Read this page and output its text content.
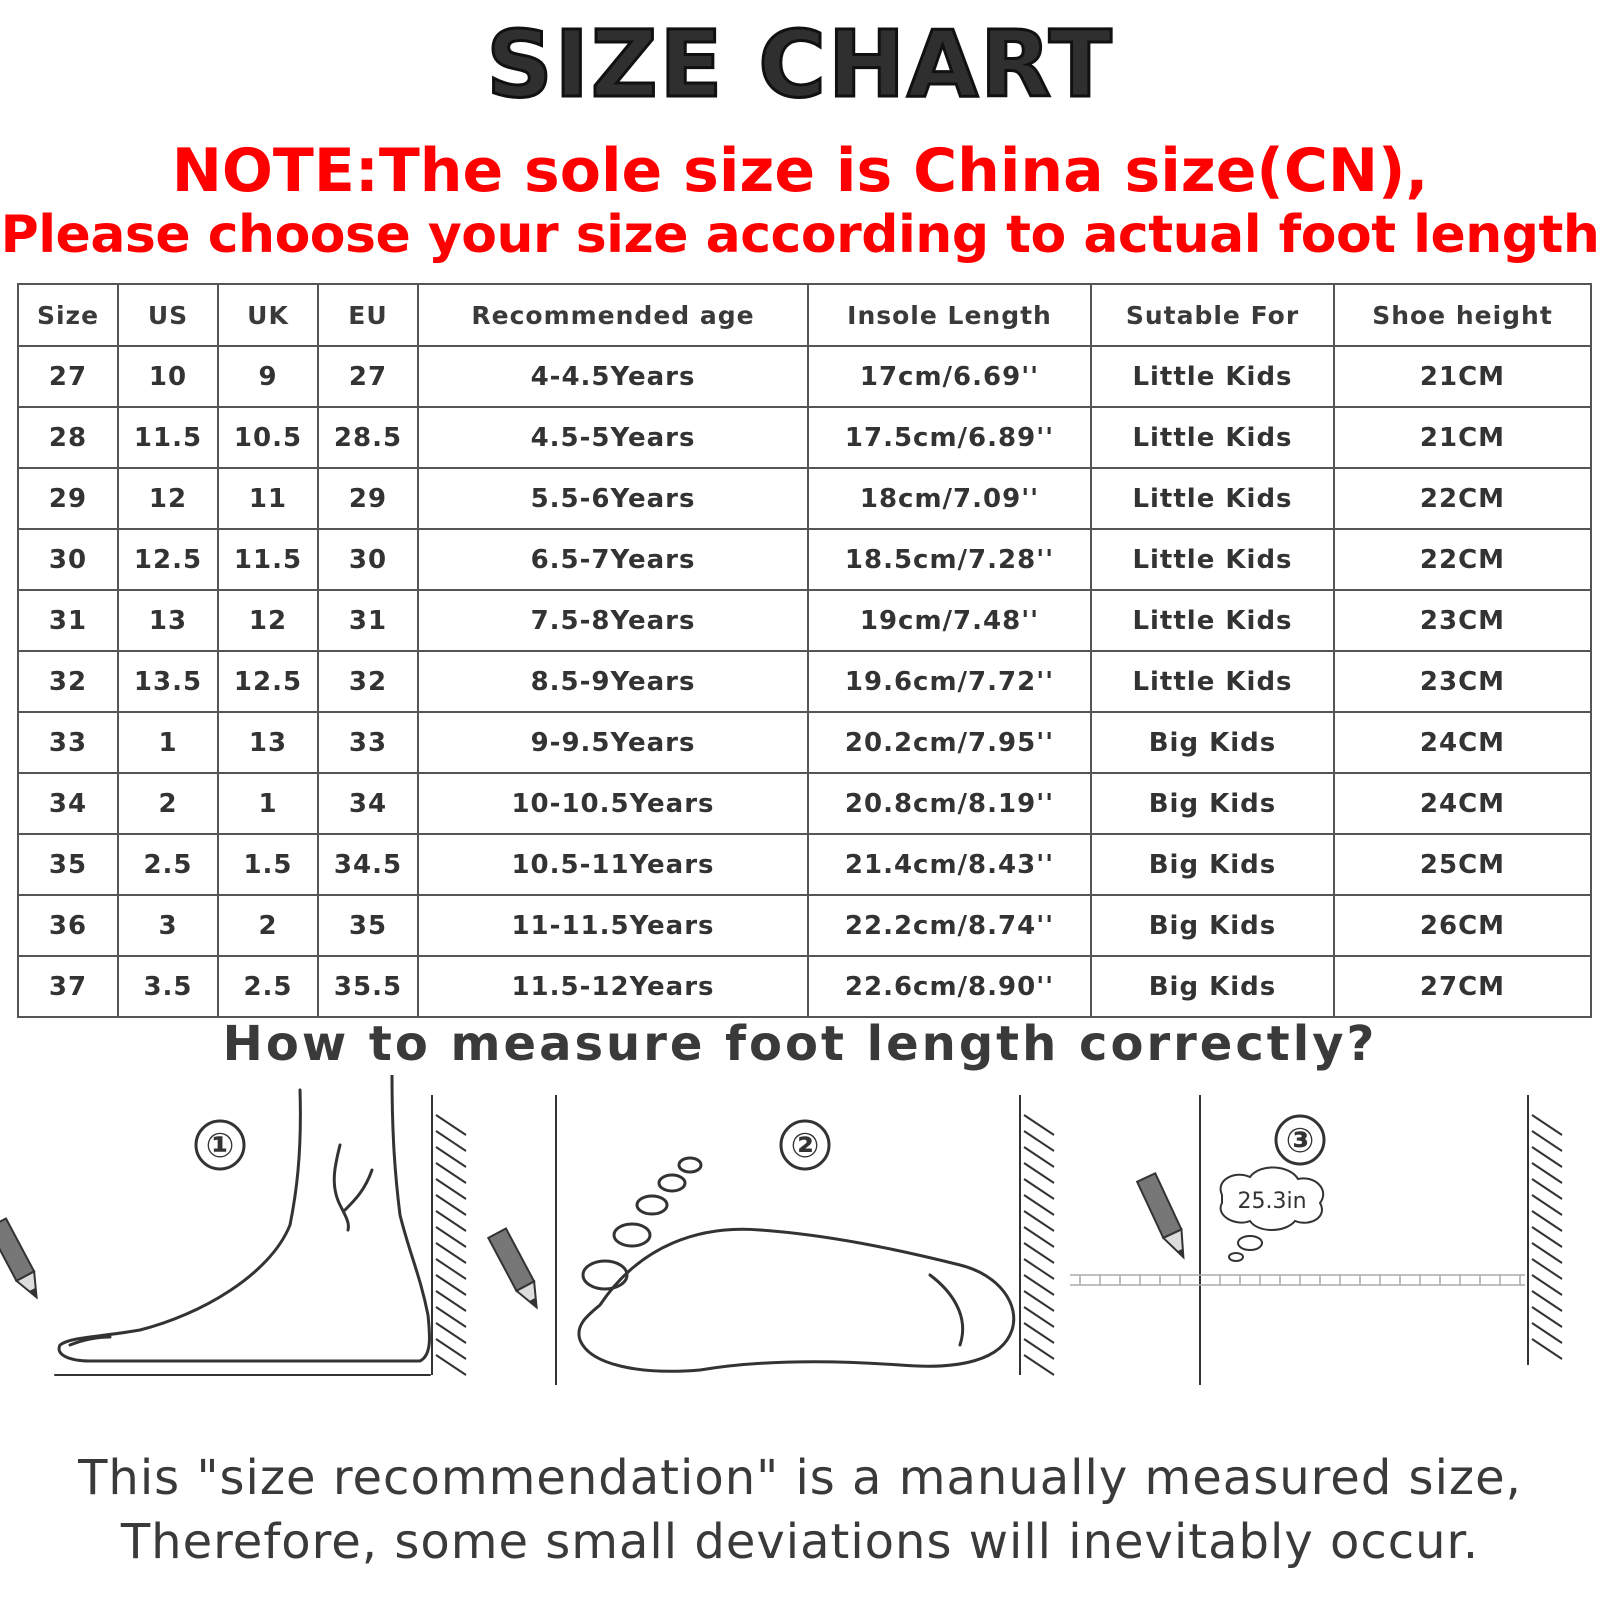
SIZE CHART
NOTE:The sole size is China size(CN),
Please choose your size according to actual foot length
Size	US	UK	EU	Recommended age	Insole Length	Sutable For	Shoe height
27	10	9	27	4-4.5Years	17cm/6.69''	Little Kids	21CM
28	11.5	10.5	28.5	4.5-5Years	17.5cm/6.89''	Little Kids	21CM
29	12	11	29	5.5-6Years	18cm/7.09''	Little Kids	22CM
30	12.5	11.5	30	6.5-7Years	18.5cm/7.28''	Little Kids	22CM
31	13	12	31	7.5-8Years	19cm/7.48''	Little Kids	23CM
32	13.5	12.5	32	8.5-9Years	19.6cm/7.72''	Little Kids	23CM
33	1	13	33	9-9.5Years	20.2cm/7.95''	Big Kids	24CM
34	2	1	34	10-10.5Years	20.8cm/8.19''	Big Kids	24CM
35	2.5	1.5	34.5	10.5-11Years	21.4cm/8.43''	Big Kids	25CM
36	3	2	35	11-11.5Years	22.2cm/8.74''	Big Kids	26CM
37	3.5	2.5	35.5	11.5-12Years	22.6cm/8.90''	Big Kids	27CM
How to measure foot length correctly?
①	②	③
25.3in
This "size recommendation" is a manually measured size,
Therefore, some small deviations will inevitably occur.
